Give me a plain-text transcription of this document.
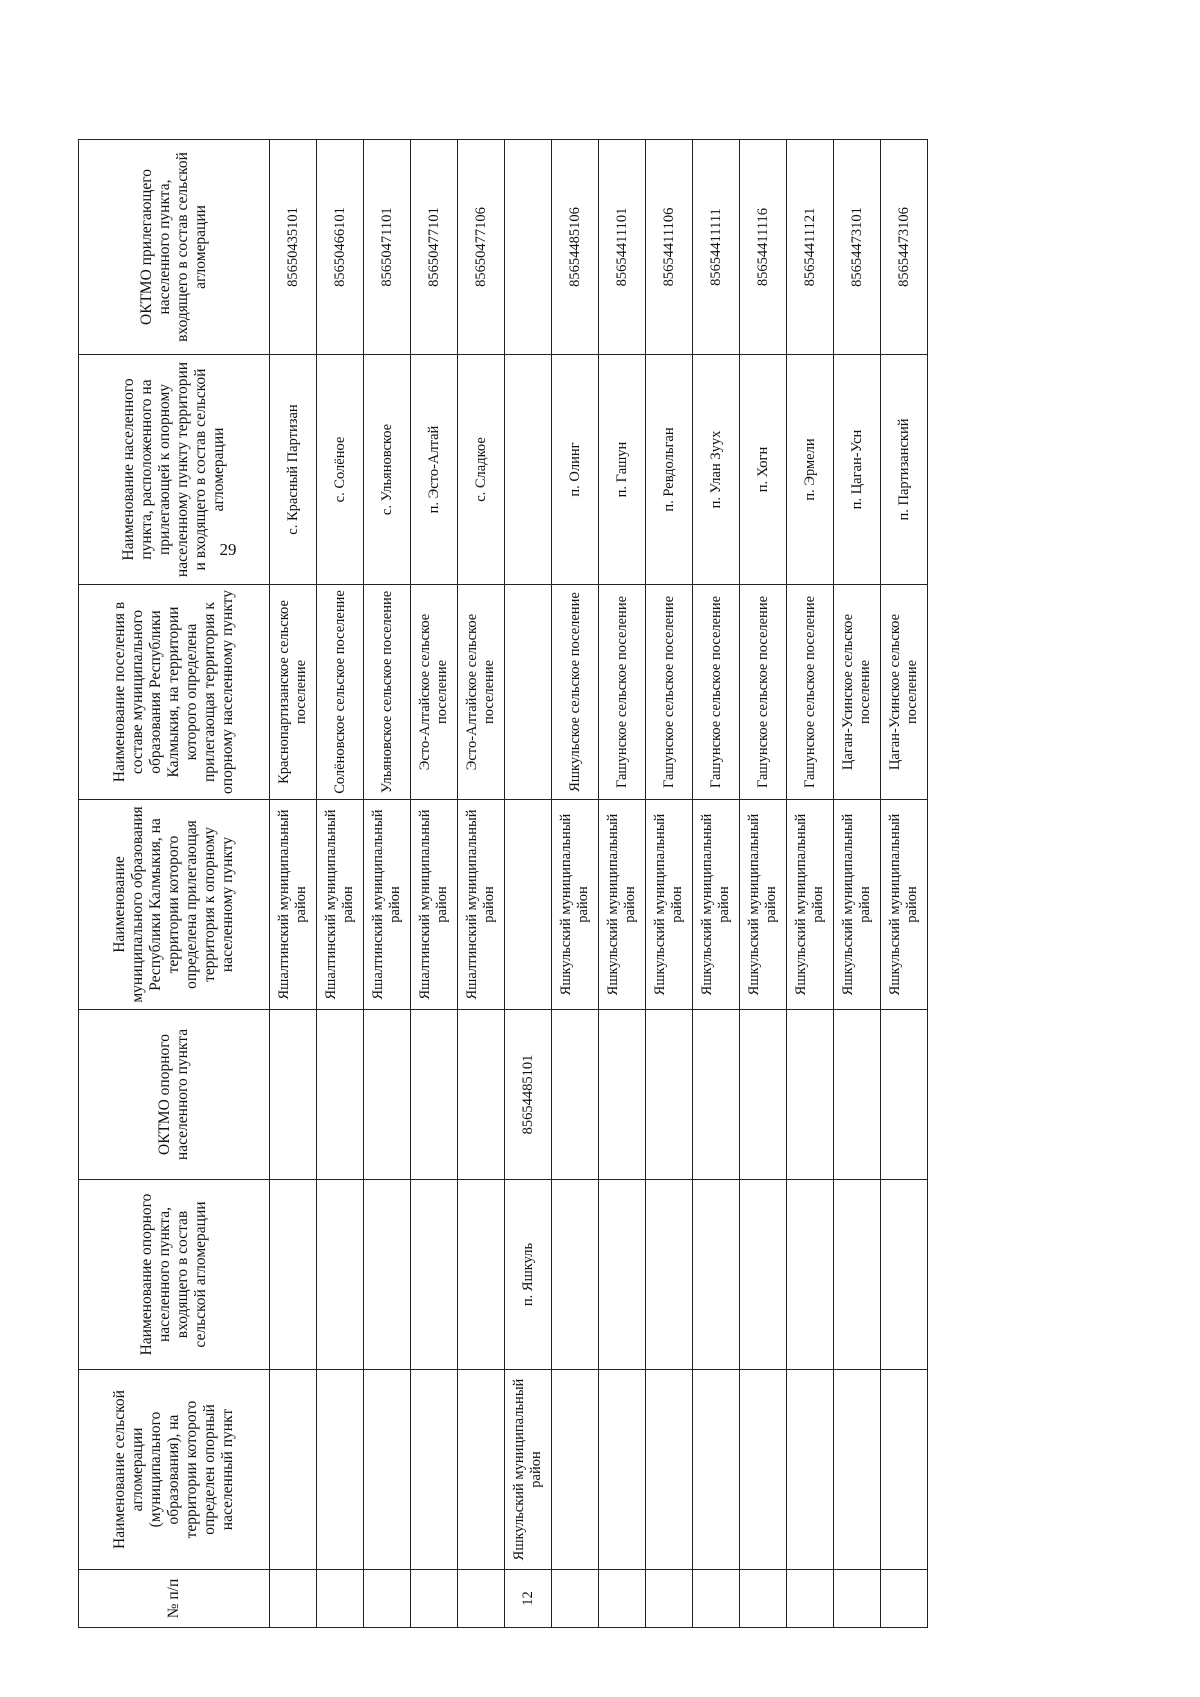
№ п/п	Наименование сельской агломерации (муниципального образования), на территории которого определен опорный населенный пункт	Наименование опорного населенного пункта, входящего в состав сельской агломерации	ОКТМО опорного населенного пункта	Наименование муниципального образования Республики Калмыкия, на территории которого определена прилегающая территория к опорному населенному пункту	Наименование поселения в составе муниципального образования Республики Калмыкия, на территории которого определена прилегающая территория к опорному населенному пункту	Наименование населенного пункта, расположенного на прилегающей к опорному населенному пункту территории и входящего в состав сельской агломерации	ОКТМО прилегающего населенного пункта, входящего в состав сельской агломерации
				Яшалтинский муниципальный район	Краснопартизанское сельское поселение	с. Красный Партизан	85650435101
				Яшалтинский муниципальный район	Солёновское сельское поселение	с. Солёное	85650466101
				Яшалтинский муниципальный район	Ульяновское сельское поселение	с. Ульяновское	85650471101
				Яшалтинский муниципальный район	Эсто-Алтайское сельское поселение	п. Эсто-Алтай	85650477101
				Яшалтинский муниципальный район	Эсто-Алтайское сельское поселение	с. Сладкое	85650477106
12	Яшкульский муниципальный район	п. Яшкуль	85654485101				
				Яшкульский муниципальный район	Яшкульское сельское поселение	п. Олинг	85654485106
				Яшкульский муниципальный район	Гашунское сельское поселение	п. Гашун	85654411101
				Яшкульский муниципальный район	Гашунское сельское поселение	п. Ревдольган	85654411106
				Яшкульский муниципальный район	Гашунское сельское поселение	п. Улан Зуух	85654411111
				Яшкульский муниципальный район	Гашунское сельское поселение	п. Хогн	85654411116
				Яшкульский муниципальный район	Гашунское сельское поселение	п. Эрмели	85654411121
				Яшкульский муниципальный район	Цаган-Усинское сельское поселение	п. Цаган-Усн	85654473101
				Яшкульский муниципальный район	Цаган-Усинское сельское поселение	п. Партизанский	85654473106
29
